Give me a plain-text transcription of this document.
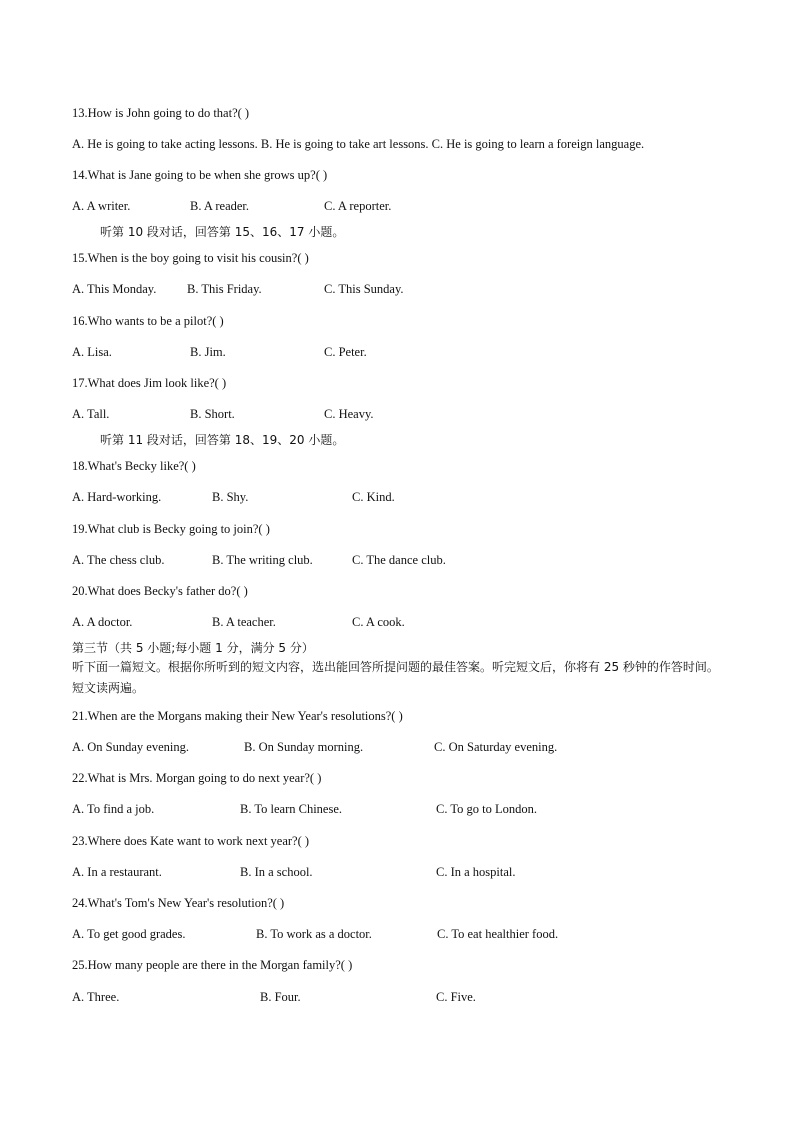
13.How is John going to do that?( )
A. He is going to take acting lessons. B. He is going to take art lessons. C. He is going to learn a foreign language.
14.What is Jane going to be when she grows up?( )
A. A writer.	B. A reader.	C. A reporter.
听第 10 段对话，回答第 15、16、17 小题。
15.When is the boy going to visit his cousin?( )
A. This Monday. B. This Friday.	C. This Sunday.
16.Who wants to be a pilot?( )
A. Lisa.	B. Jim.	C. Peter.
17.What does Jim look like?( )
A. Tall.	B. Short.	C. Heavy.
听第 11 段对话，回答第 18、19、20 小题。
18.What's Becky like?( )
A. Hard-working.	B. Shy.	C. Kind.
19.What club is Becky going to join?( )
A. The chess club.	B. The writing club.	C. The dance club.
20.What does Becky's father do?( )
A. A doctor.	B. A teacher.	C. A cook.
第三节（共 5 小题;每小题 1 分，满分 5 分）
听下面一篇短文。根据你所听到的短文内容，选出能回答所提问题的最佳答案。听完短文后，你将有 25 秒钟的作答时间。短文读两遍。
21.When are the Morgans making their New Year's resolutions?( )
A. On Sunday evening.	B. On Sunday morning.	C. On Saturday evening.
22.What is Mrs. Morgan going to do next year?( )
A. To find a job.	B. To learn Chinese.	C. To go to London.
23.Where does Kate want to work next year?( )
A. In a restaurant.	B. In a school.	C. In a hospital.
24.What's Tom's New Year's resolution?( )
A. To get good grades.	B. To work as a doctor.	C. To eat healthier food.
25.How many people are there in the Morgan family?( )
A. Three.	B. Four.	C. Five.
